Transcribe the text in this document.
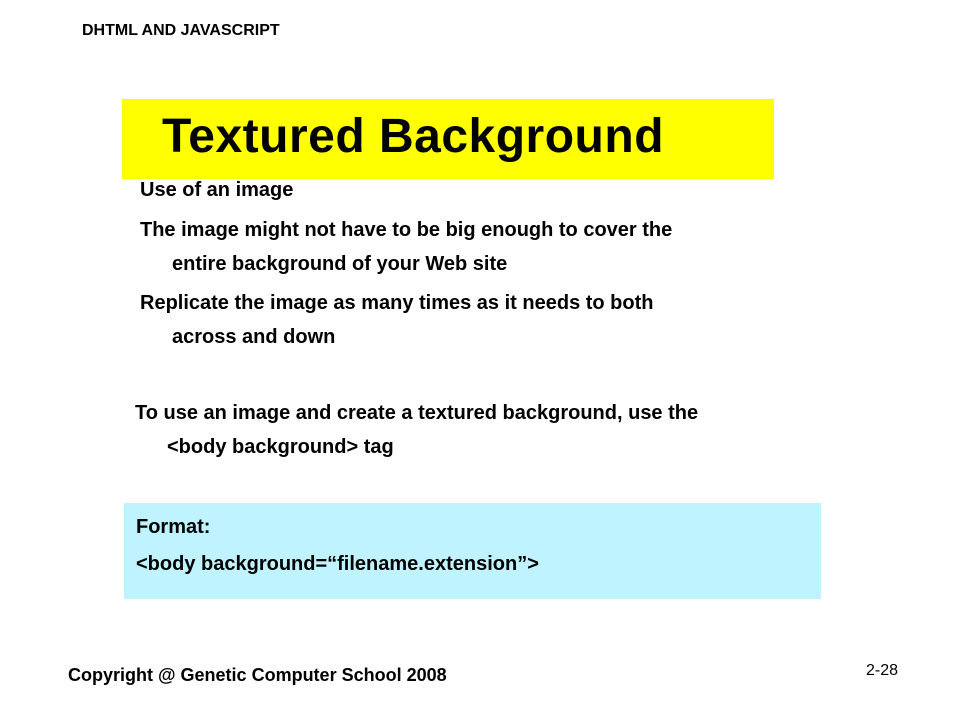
DHTML AND JAVASCRIPT
Textured Background
Use of an image
The image might not have to be big enough to cover the
entire background of your Web site
Replicate the image as many times as it needs to both
across and down
To use an image and create a textured background, use the
<body background> tag
Format:
<body background=“filename.extension”>
Copyright @ Genetic Computer School 2008	2-28
